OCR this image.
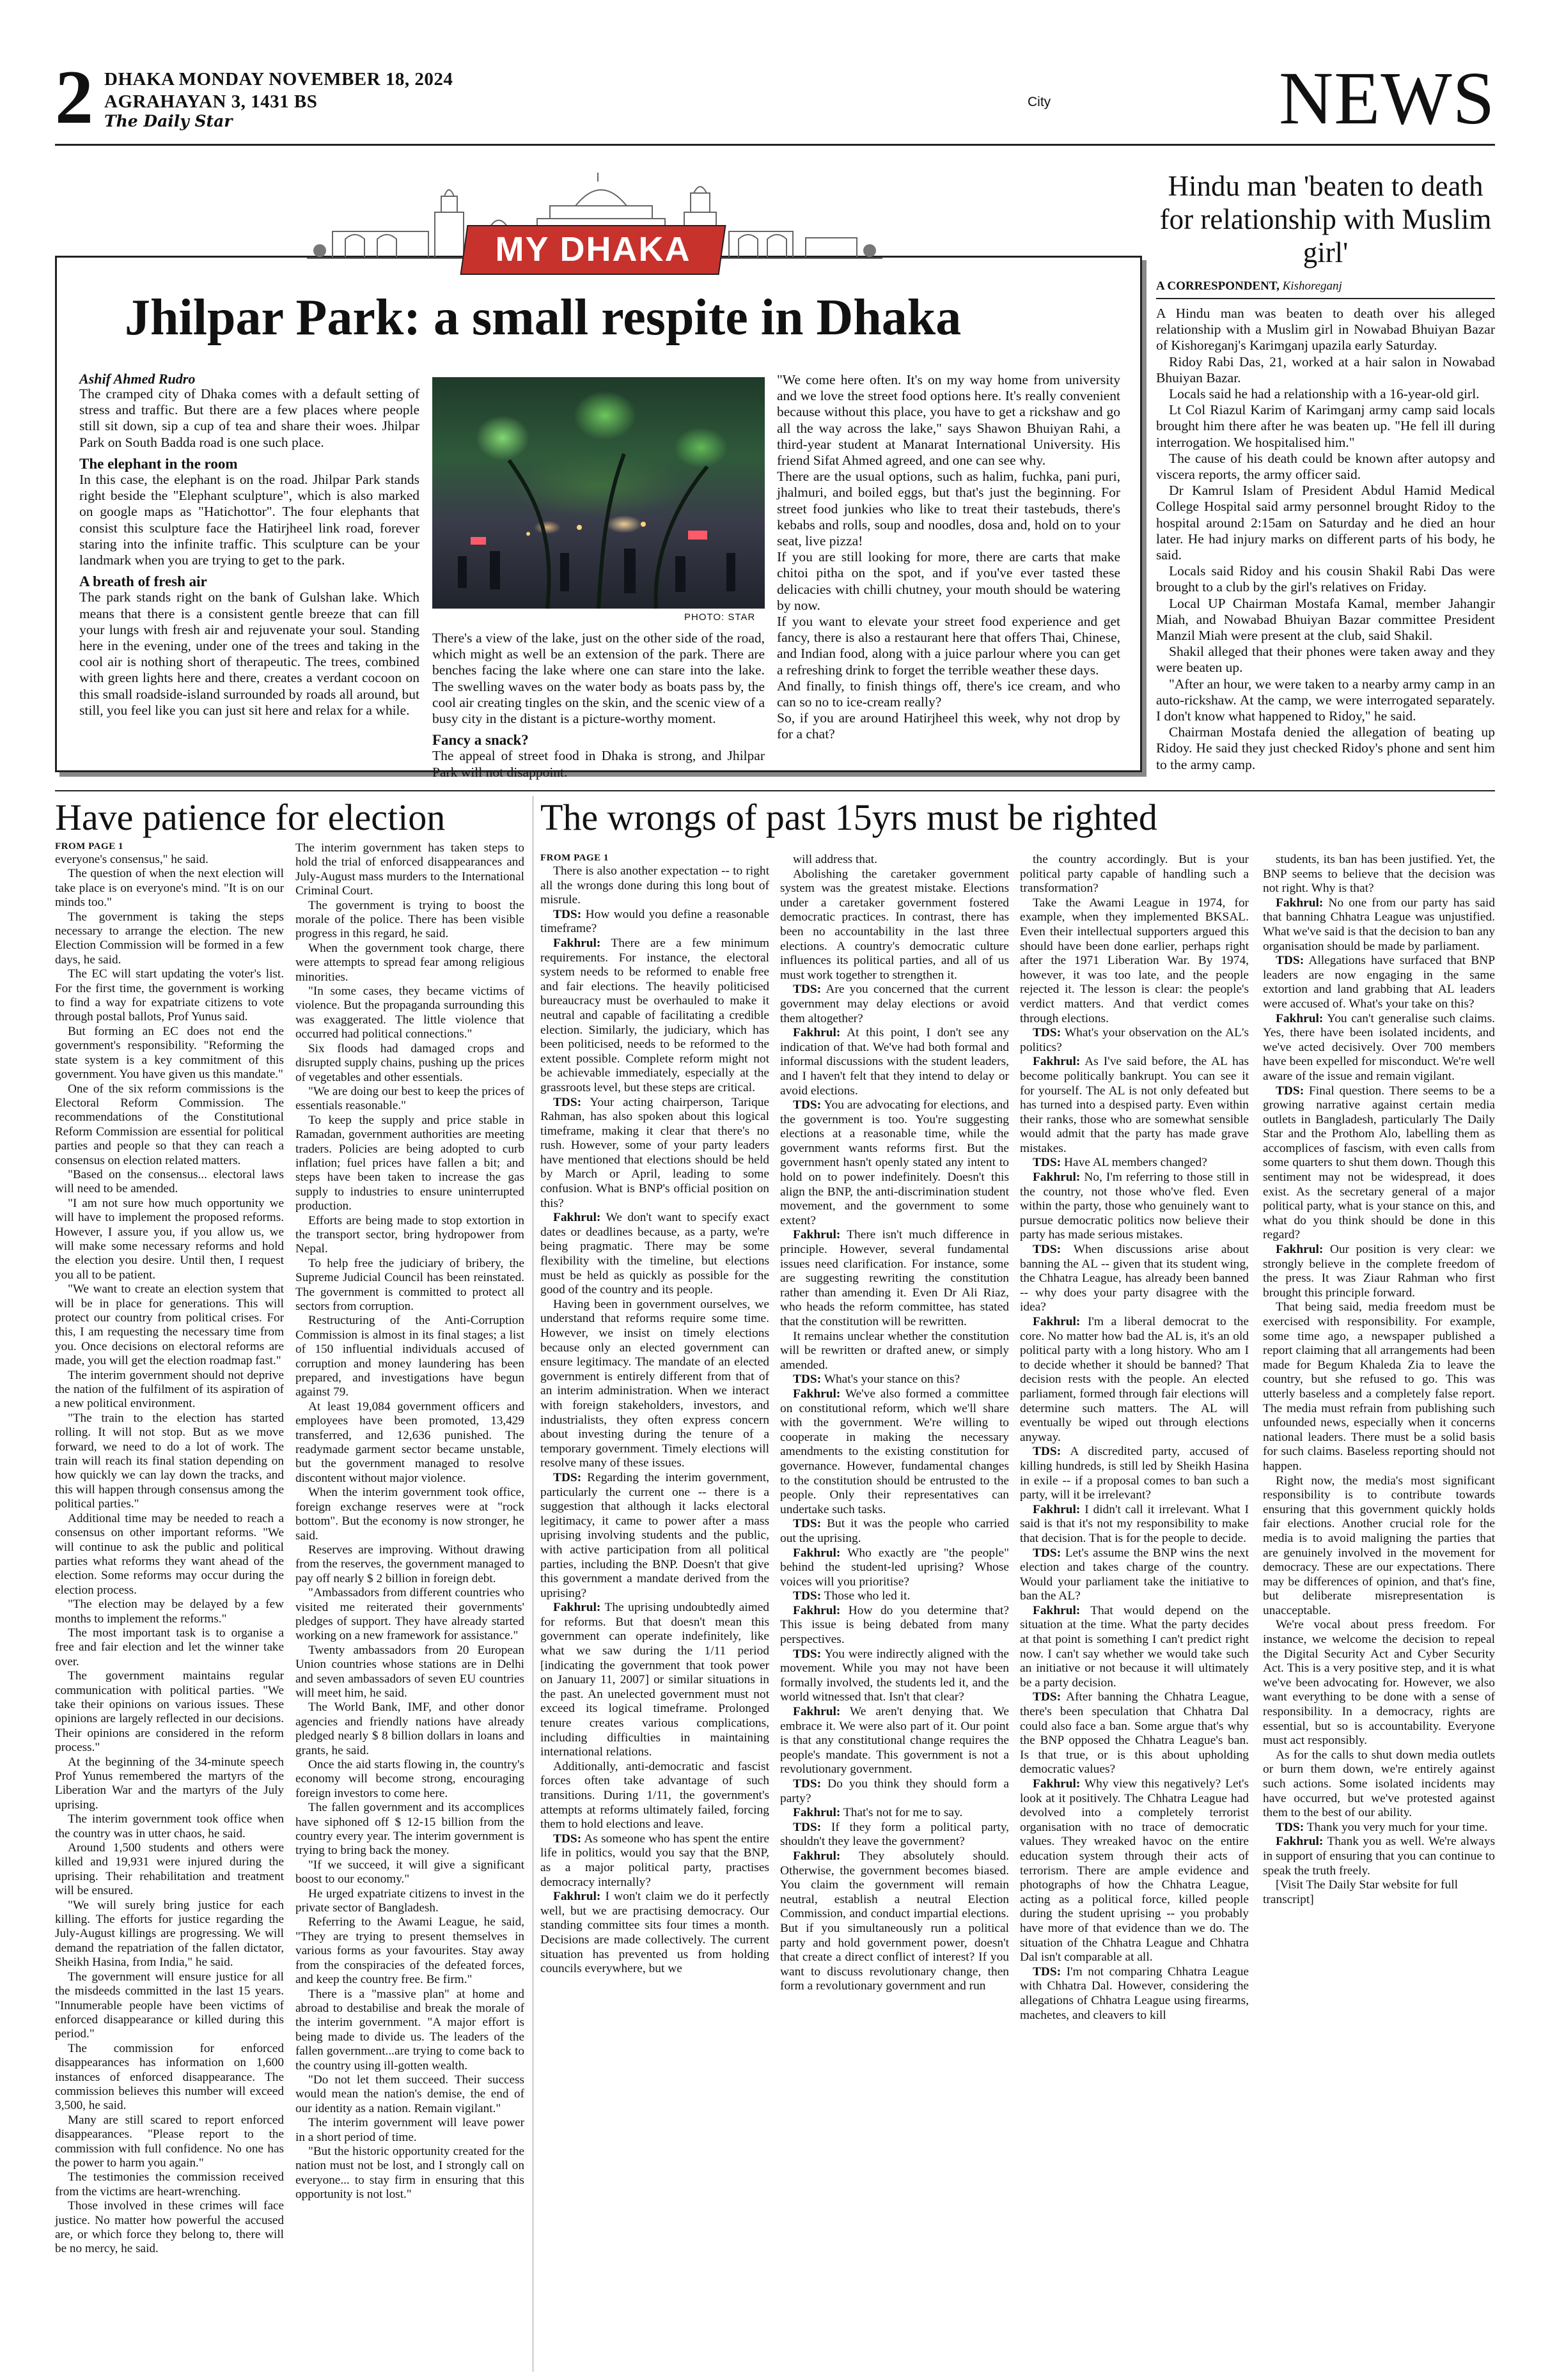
2 DHAKA MONDAY NOVEMBER 18, 2024
AGRAHAYAN 3, 1431 BS
The Daily Star
City	NEWS
MY DHAKA
Jhilpar Park: a small respite in Dhaka
Ashif Ahmed Rudro

The cramped city of Dhaka comes with a default setting of stress and traffic. But there are a few places where people still sit down, sip a cup of tea and share their woes. Jhilpar Park on South Badda road is one such place.

The elephant in the room

In this case, the elephant is on the road. Jhilpar Park stands right beside the "Elephant sculpture", which is also marked on google maps as "Hatichottor". The four elephants that consist this sculpture face the Hatirjheel link road, forever staring into the infinite traffic. This sculpture can be your landmark when you are trying to get to the park.

A breath of fresh air

The park stands right on the bank of Gulshan lake. Which means that there is a consistent gentle breeze that can fill your lungs with fresh air and rejuvenate your soul. Standing here in the evening, under one of the trees and taking in the cool air is nothing short of therapeutic. The trees, combined with green lights here and there, creates a verdant cocoon on this small roadside-island surrounded by roads all around, but still, you feel like you can just sit here and relax for a while.

PHOTO: STAR

There's a view of the lake, just on the other side of the road, which might as well be an extension of the park. There are benches facing the lake where one can stare into the lake. The swelling waves on the water body as boats pass by, the cool air creating tingles on the skin, and the scenic view of a busy city in the distant is a picture-worthy moment.

Fancy a snack?

The appeal of street food in Dhaka is strong, and Jhilpar Park will not disappoint.

"We come here often. It's on my way home from university and we love the street food options here. It's really convenient because without this place, you have to get a rickshaw and go all the way across the lake," says Shawon Bhuiyan Rahi, a third-year student at Manarat International University. His friend Sifat Ahmed agreed, and one can see why.

There are the usual options, such as halim, fuchka, pani puri, jhalmuri, and boiled eggs, but that's just the beginning. For street food junkies who like to treat their tastebuds, there's kebabs and rolls, soup and noodles, dosa and, hold on to your seat, live pizza!

If you are still looking for more, there are carts that make chitoi pitha on the spot, and if you've ever tasted these delicacies with chilli chutney, your mouth should be watering by now.

If you want to elevate your street food experience and get fancy, there is also a restaurant here that offers Thai, Chinese, and Indian food, along with a juice parlour where you can get a refreshing drink to forget the terrible weather these days.

And finally, to finish things off, there's ice cream, and who can so no to ice-cream really?

So, if you are around Hatirjheel this week, why not drop by for a chat?

Hindu man 'beaten to death for relationship with Muslim girl'
A CORRESPONDENT, Kishoreganj

A Hindu man was beaten to death over his alleged relationship with a Muslim girl in Nowabad Bhuiyan Bazar of Kishoreganj's Karimganj upazila early Saturday.

Ridoy Rabi Das, 21, worked at a hair salon in Nowabad Bhuiyan Bazar.

Locals said he had a relationship with a 16-year-old girl.

Lt Col Riazul Karim of Karimganj army camp said locals brought him there after he was beaten up. "He fell ill during interrogation. We hospitalised him."

The cause of his death could be known after autopsy and viscera reports, the army officer said.

Dr Kamrul Islam of President Abdul Hamid Medical College Hospital said army personnel brought Ridoy to the hospital around 2:15am on Saturday and he died an hour later. He had injury marks on different parts of his body, he said.

Locals said Ridoy and his cousin Shakil Rabi Das were brought to a club by the girl's relatives on Friday.

Local UP Chairman Mostafa Kamal, member Jahangir Miah, and Nowabad Bhuiyan Bazar committee President Manzil Miah were present at the club, said Shakil.

Shakil alleged that their phones were taken away and they were beaten up.

"After an hour, we were taken to a nearby army camp in an auto-rickshaw. At the camp, we were interrogated separately. I don't know what happened to Ridoy," he said.

Chairman Mostafa denied the allegation of beating up Ridoy. He said they just checked Ridoy's phone and sent him to the army camp.

Have patience for election
FROM PAGE 1

everyone's consensus," he said.

The question of when the next election will take place is on everyone's mind. "It is on our minds too."

The government is taking the steps necessary to arrange the election. The new Election Commission will be formed in a few days, he said.

The EC will start updating the voter's list. For the first time, the government is working to find a way for expatriate citizens to vote through postal ballots, Prof Yunus said.

But forming an EC does not end the government's responsibility. "Reforming the state system is a key commitment of this government. You have given us this mandate."

One of the six reform commissions is the Electoral Reform Commission. The recommendations of the Constitutional Reform Commission are essential for political parties and people so that they can reach a consensus on election related matters.

"Based on the consensus... electoral laws will need to be amended.

"I am not sure how much opportunity we will have to implement the proposed reforms. However, I assure you, if you allow us, we will make some necessary reforms and hold the election you desire. Until then, I request you all to be patient.

"We want to create an election system that will be in place for generations. This will protect our country from political crises. For this, I am requesting the necessary time from you. Once decisions on electoral reforms are made, you will get the election roadmap fast."

The interim government should not deprive the nation of the fulfilment of its aspiration of a new political environment.

"The train to the election has started rolling. It will not stop. But as we move forward, we need to do a lot of work. The train will reach its final station depending on how quickly we can lay down the tracks, and this will happen through consensus among the political parties."

Additional time may be needed to reach a consensus on other important reforms. "We will continue to ask the public and political parties what reforms they want ahead of the election. Some reforms may occur during the election process.

"The election may be delayed by a few months to implement the reforms."

The most important task is to organise a free and fair election and let the winner take over.

The government maintains regular communication with political parties. "We take their opinions on various issues. These opinions are largely reflected in our decisions. Their opinions are considered in the reform process."

At the beginning of the 34-minute speech Prof Yunus remembered the martyrs of the Liberation War and the martyrs of the July uprising.

The interim government took office when the country was in utter chaos, he said.

Around 1,500 students and others were killed and 19,931 were injured during the uprising. Their rehabilitation and treatment will be ensured.

"We will surely bring justice for each killing. The efforts for justice regarding the July-August killings are progressing. We will demand the repatriation of the fallen dictator, Sheikh Hasina, from India," he said.

The government will ensure justice for all the misdeeds committed in the last 15 years. "Innumerable people have been victims of enforced disappearance or killed during this period."

The commission for enforced disappearances has information on 1,600 instances of enforced disappearance. The commission believes this number will exceed 3,500, he said.

Many are still scared to report enforced disappearances. "Please report to the commission with full confidence. No one has the power to harm you again."

The testimonies the commission received from the victims are heart-wrenching.

Those involved in these crimes will face justice. No matter how powerful the accused are, or which force they belong to, there will be no mercy, he said.

The interim government has taken steps to hold the trial of enforced disappearances and July-August mass murders to the International Criminal Court.

The government is trying to boost the morale of the police. There has been visible progress in this regard, he said.

When the government took charge, there were attempts to spread fear among religious minorities.

"In some cases, they became victims of violence. But the propaganda surrounding this was exaggerated. The little violence that occurred had political connections."

Six floods had damaged crops and disrupted supply chains, pushing up the prices of vegetables and other essentials.

"We are doing our best to keep the prices of essentials reasonable."

To keep the supply and price stable in Ramadan, government authorities are meeting traders. Policies are being adopted to curb inflation; fuel prices have fallen a bit; and steps have been taken to increase the gas supply to industries to ensure uninterrupted production.

Efforts are being made to stop extortion in the transport sector, bring hydropower from Nepal.

To help free the judiciary of bribery, the Supreme Judicial Council has been reinstated. The government is committed to protect all sectors from corruption.

Restructuring of the Anti-Corruption Commission is almost in its final stages; a list of 150 influential individuals accused of corruption and money laundering has been prepared, and investigations have begun against 79.

At least 19,084 government officers and employees have been promoted, 13,429 transferred, and 12,636 punished. The readymade garment sector became unstable, but the government managed to resolve discontent without major violence.

When the interim government took office, foreign exchange reserves were at "rock bottom". But the economy is now stronger, he said.

Reserves are improving. Without drawing from the reserves, the government managed to pay off nearly $ 2 billion in foreign debt.

"Ambassadors from different countries who visited me reiterated their governments' pledges of support. They have already started working on a new framework for assistance."

Twenty ambassadors from 20 European Union countries whose stations are in Delhi and seven ambassadors of seven EU countries will meet him, he said.

The World Bank, IMF, and other donor agencies and friendly nations have already pledged nearly $ 8 billion dollars in loans and grants, he said.

Once the aid starts flowing in, the country's economy will become strong, encouraging foreign investors to come here.

The fallen government and its accomplices have siphoned off $ 12-15 billion from the country every year. The interim government is trying to bring back the money.

"If we succeed, it will give a significant boost to our economy."

He urged expatriate citizens to invest in the private sector of Bangladesh.

Referring to the Awami League, he said, "They are trying to present themselves in various forms as your favourites. Stay away from the conspiracies of the defeated forces, and keep the country free. Be firm."

There is a "massive plan" at home and abroad to destabilise and break the morale of the interim government. "A major effort is being made to divide us. The leaders of the fallen government...are trying to come back to the country using ill-gotten wealth.

"Do not let them succeed. Their success would mean the nation's demise, the end of our identity as a nation. Remain vigilant."

The interim government will leave power in a short period of time.

"But the historic opportunity created for the nation must not be lost, and I strongly call on everyone... to stay firm in ensuring that this opportunity is not lost."

The wrongs of past 15yrs must be righted
FROM PAGE 1

There is also another expectation -- to right all the wrongs done during this long bout of misrule.

TDS: How would you define a reasonable timeframe?

Fakhrul: There are a few minimum requirements. For instance, the electoral system needs to be reformed to enable free and fair elections. The heavily politicised bureaucracy must be overhauled to make it neutral and capable of facilitating a credible election. Similarly, the judiciary, which has been politicised, needs to be reformed to the extent possible. Complete reform might not be achievable immediately, especially at the grassroots level, but these steps are critical.

TDS: Your acting chairperson, Tarique Rahman, has also spoken about this logical timeframe, making it clear that there's no rush. However, some of your party leaders have mentioned that elections should be held by March or April, leading to some confusion. What is BNP's official position on this?

Fakhrul: We don't want to specify exact dates or deadlines because, as a party, we're being pragmatic. There may be some flexibility with the timeline, but elections must be held as quickly as possible for the good of the country and its people.

Having been in government ourselves, we understand that reforms require some time. However, we insist on timely elections because only an elected government can ensure legitimacy. The mandate of an elected government is entirely different from that of an interim administration. When we interact with foreign stakeholders, investors, and industrialists, they often express concern about investing during the tenure of a temporary government. Timely elections will resolve many of these issues.

TDS: Regarding the interim government, particularly the current one -- there is a suggestion that although it lacks electoral legitimacy, it came to power after a mass uprising involving students and the public, with active participation from all political parties, including the BNP. Doesn't that give this government a mandate derived from the uprising?

Fakhrul: The uprising undoubtedly aimed for reforms. But that doesn't mean this government can operate indefinitely, like what we saw during the 1/11 period [indicating the government that took power on January 11, 2007] or similar situations in the past. An unelected government must not exceed its logical timeframe. Prolonged tenure creates various complications, including difficulties in maintaining international relations.

Additionally, anti-democratic and fascist forces often take advantage of such transitions. During 1/11, the government's attempts at reforms ultimately failed, forcing them to hold elections and leave.

TDS: As someone who has spent the entire life in politics, would you say that the BNP, as a major political party, practises democracy internally?

Fakhrul: I won't claim we do it perfectly well, but we are practising democracy. Our standing committee sits four times a month. Decisions are made collectively. The current situation has prevented us from holding councils everywhere, but we

will address that.

Abolishing the caretaker government system was the greatest mistake. Elections under a caretaker government fostered democratic practices. In contrast, there has been no accountability in the last three elections. A country's democratic culture influences its political parties, and all of us must work together to strengthen it.

TDS: Are you concerned that the current government may delay elections or avoid them altogether?

Fakhrul: At this point, I don't see any indication of that. We've had both formal and informal discussions with the student leaders, and I haven't felt that they intend to delay or avoid elections.

TDS: You are advocating for elections, and the government is too. You're suggesting elections at a reasonable time, while the government wants reforms first. But the government hasn't openly stated any intent to hold on to power indefinitely. Doesn't this align the BNP, the anti-discrimination student movement, and the government to some extent?

Fakhrul: There isn't much difference in principle. However, several fundamental issues need clarification. For instance, some are suggesting rewriting the constitution rather than amending it. Even Dr Ali Riaz, who heads the reform committee, has stated that the constitution will be rewritten.

It remains unclear whether the constitution will be rewritten or drafted anew, or simply amended.

TDS: What's your stance on this?

Fakhrul: We've also formed a committee on constitutional reform, which we'll share with the government. We're willing to cooperate in making the necessary amendments to the existing constitution for governance. However, fundamental changes to the constitution should be entrusted to the people. Only their representatives can undertake such tasks.

TDS: But it was the people who carried out the uprising.

Fakhrul: Who exactly are "the people" behind the student-led uprising? Whose voices will you prioritise?

TDS: Those who led it.

Fakhrul: How do you determine that? This issue is being debated from many perspectives.

TDS: You were indirectly aligned with the movement. While you may not have been formally involved, the students led it, and the world witnessed that. Isn't that clear?

Fakhrul: We aren't denying that. We embrace it. We were also part of it. Our point is that any constitutional change requires the people's mandate. This government is not a revolutionary government.

TDS: Do you think they should form a party?

Fakhrul: That's not for me to say.

TDS: If they form a political party, shouldn't they leave the government?

Fakhrul: They absolutely should. Otherwise, the government becomes biased. You claim the government will remain neutral, establish a neutral Election Commission, and conduct impartial elections. But if you simultaneously run a political party and hold government power, doesn't that create a direct conflict of interest? If you want to discuss revolutionary change, then form a revolutionary government and run

the country accordingly. But is your political party capable of handling such a transformation?

Take the Awami League in 1974, for example, when they implemented BKSAL. Even their intellectual supporters argued this should have been done earlier, perhaps right after the 1971 Liberation War. By 1974, however, it was too late, and the people rejected it. The lesson is clear: the people's verdict matters. And that verdict comes through elections.

TDS: What's your observation on the AL's politics?

Fakhrul: As I've said before, the AL has become politically bankrupt. You can see it for yourself. The AL is not only defeated but has turned into a despised party. Even within their ranks, those who are somewhat sensible would admit that the party has made grave mistakes.

TDS: Have AL members changed?

Fakhrul: No, I'm referring to those still in the country, not those who've fled. Even within the party, those who genuinely want to pursue democratic politics now believe their party has made serious mistakes.

TDS: When discussions arise about banning the AL -- given that its student wing, the Chhatra League, has already been banned -- why does your party disagree with the idea?

Fakhrul: I'm a liberal democrat to the core. No matter how bad the AL is, it's an old political party with a long history. Who am I to decide whether it should be banned? That decision rests with the people. An elected parliament, formed through fair elections will determine such matters. The AL will eventually be wiped out through elections anyway.

TDS: A discredited party, accused of killing hundreds, is still led by Sheikh Hasina in exile -- if a proposal comes to ban such a party, will it be irrelevant?

Fakhrul: I didn't call it irrelevant. What I said is that it's not my responsibility to make that decision. That is for the people to decide.

TDS: Let's assume the BNP wins the next election and takes charge of the country. Would your parliament take the initiative to ban the AL?

Fakhrul: That would depend on the situation at the time. What the party decides at that point is something I can't predict right now. I can't say whether we would take such an initiative or not because it will ultimately be a party decision.

TDS: After banning the Chhatra League, there's been speculation that Chhatra Dal could also face a ban. Some argue that's why the BNP opposed the Chhatra League's ban. Is that true, or is this about upholding democratic values?

Fakhrul: Why view this negatively? Let's look at it positively. The Chhatra League had devolved into a completely terrorist organisation with no trace of democratic values. They wreaked havoc on the entire education system through their acts of terrorism. There are ample evidence and photographs of how the Chhatra League, acting as a political force, killed people during the student uprising -- you probably have more of that evidence than we do. The situation of the Chhatra League and Chhatra Dal isn't comparable at all.

TDS: I'm not comparing Chhatra League with Chhatra Dal. However, considering the allegations of Chhatra League using firearms, machetes, and cleavers to kill

students, its ban has been justified. Yet, the BNP seems to believe that the decision was not right. Why is that?

Fakhrul: No one from our party has said that banning Chhatra League was unjustified. What we've said is that the decision to ban any organisation should be made by parliament.

TDS: Allegations have surfaced that BNP leaders are now engaging in the same extortion and land grabbing that AL leaders were accused of. What's your take on this?

Fakhrul: You can't generalise such claims. Yes, there have been isolated incidents, and we've acted decisively. Over 700 members have been expelled for misconduct. We're well aware of the issue and remain vigilant.

TDS: Final question. There seems to be a growing narrative against certain media outlets in Bangladesh, particularly The Daily Star and the Prothom Alo, labelling them as accomplices of fascism, with even calls from some quarters to shut them down. Though this sentiment may not be widespread, it does exist. As the secretary general of a major political party, what is your stance on this, and what do you think should be done in this regard?

Fakhrul: Our position is very clear: we strongly believe in the complete freedom of the press. It was Ziaur Rahman who first brought this principle forward.

That being said, media freedom must be exercised with responsibility. For example, some time ago, a newspaper published a report claiming that all arrangements had been made for Begum Khaleda Zia to leave the country, but she refused to go. This was utterly baseless and a completely false report. The media must refrain from publishing such unfounded news, especially when it concerns national leaders. There must be a solid basis for such claims. Baseless reporting should not happen.

Right now, the media's most significant responsibility is to contribute towards ensuring that this government quickly holds fair elections. Another crucial role for the media is to avoid maligning the parties that are genuinely involved in the movement for democracy. These are our expectations. There may be differences of opinion, and that's fine, but deliberate misrepresentation is unacceptable.

We're vocal about press freedom. For instance, we welcome the decision to repeal the Digital Security Act and Cyber Security Act. This is a very positive step, and it is what we've been advocating for. However, we also want everything to be done with a sense of responsibility. In a democracy, rights are essential, but so is accountability. Everyone must act responsibly.

As for the calls to shut down media outlets or burn them down, we're entirely against such actions. Some isolated incidents may have occurred, but we've protested against them to the best of our ability.

TDS: Thank you very much for your time.

Fakhrul: Thank you as well. We're always in support of ensuring that you can continue to speak the truth freely.

[Visit The Daily Star website for full transcript]
